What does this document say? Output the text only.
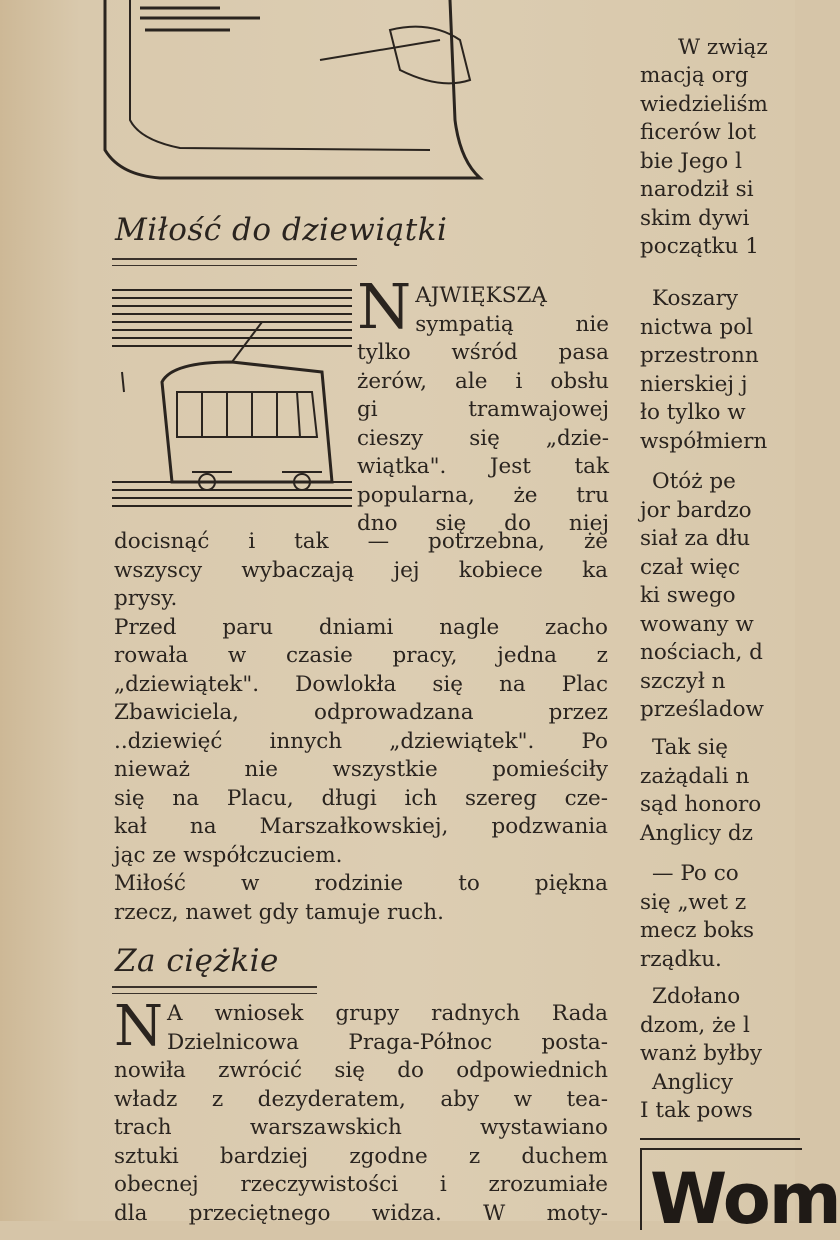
Miłość do dziewiątki
N AJWIĘKSZĄ
sympatią nie
tylko wśród pasa
żerów, ale i obsłu
gi tramwajowej
cieszy się „dzie-
wiątka". Jest tak
popularna, że tru
dno się do niej
docisnąć i tak — potrzebna, że
wszyscy wybaczają jej kobiece ka
prysy.
Przed paru dniami nagle zacho
rowała w czasie pracy, jedna z
„dziewiątek". Dowlokła się na Plac
Zbawiciela, odprowadzana przez
..dziewięć innych „dziewiątek". Po
nieważ nie wszystkie pomieściły
się na Placu, długi ich szereg cze-
kał na Marszałkowskiej, podzwania
jąc ze współczuciem.
Miłość w rodzinie to piękna
rzecz, nawet gdy tamuje ruch.
Za ciężkie
N A wniosek grupy radnych Rada
Dzielnicowa Praga-Północ posta-
nowiła zwrócić się do odpowiednich
władz z dezyderatem, aby w tea-
trach warszawskich wystawiano
sztuki bardziej zgodne z duchem
obecnej rzeczywistości i zrozumiałe
dla przeciętnego widza. W moty-
W związ
macją org
wiedzieliśm
ficerów lot
bie Jego l
narodził si
skim dywi
początku 1
Koszary
nictwa pol
przestronn
nierskiej j
ło tylko w
współmiern
Otóż pe
jor bardzo
siał za dłu
czał więc
ki swego
wowany w
nościach, d
szczył n
prześladow
Tak się
zażądali n
sąd honoro
Anglicy dz
— Po co
się „wet z
mecz boks
rządku.
Zdołano
dzom, że l
wanż byłby
Anglicy
I tak pows
Wom
